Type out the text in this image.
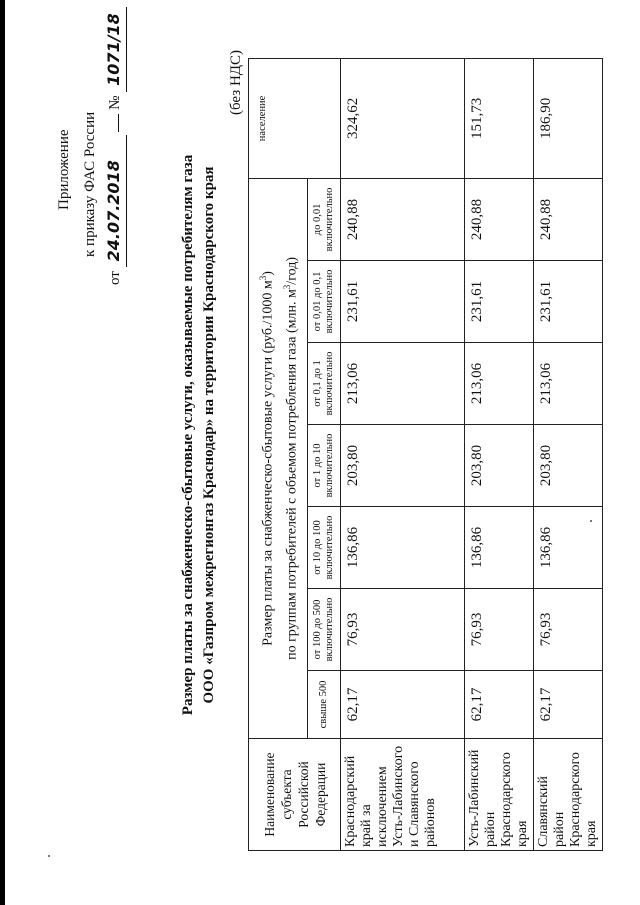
Приложение к приказу ФАС России
от 24.07.2018  № 1071/18
Размер платы за снабженческо-сбытовые услуги, оказываемые потребителям газа ООО «Газпром межрегионгаз Краснодар» на территории Краснодарского края
(без НДС)
Наименование субъекта Российской Федерации	Размер платы за снабженческо-сбытовые услуги (руб./1000 $м^3$)
по группам потребителей с объемом потребления газа (млн. $м^3/год$)							население
	свыше 500	от 100 до 500 включительно	от 10 до 100 включительно	от 1 до 10 включительно	от 0,1 до 1 включительно	от 0,01 до 0,1 включительно	до 0,01 включительно	
Краснодарский край за исключением Усть-Лабинского и Славянского районов	62,17	76,93	136,86	203,80	213,06	231,61	240,88	324,62
Усть-Лабинский район Краснодарского края	62,17	76,93	136,86	203,80	213,06	231,61	240,88	151,73
Славянский район Краснодарского края	62,17	76,93	136,86	203,80	213,06	231,61	240,88	186,90
